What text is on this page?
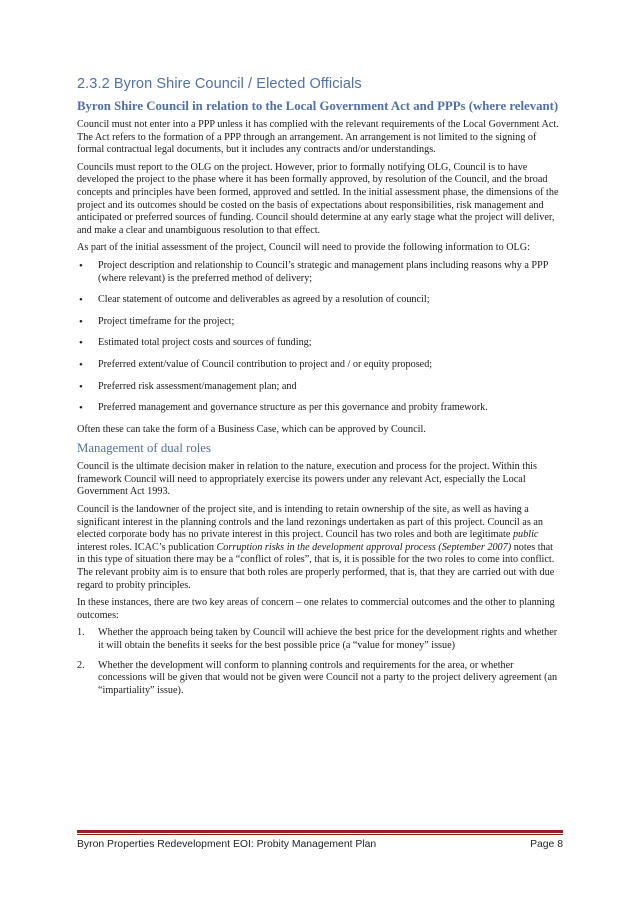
2.3.2 Byron Shire Council / Elected Officials
Byron Shire Council in relation to the Local Government Act and PPPs (where relevant)

Council must not enter into a PPP unless it has complied with the relevant requirements of the Local Government Act. The Act refers to the formation of a PPP through an arrangement. An arrangement is not limited to the signing of formal contractual legal documents, but it includes any contracts and/or understandings.

Councils must report to the OLG on the project. However, prior to formally notifying OLG, Council is to have developed the project to the phase where it has been formally approved, by resolution of the Council, and the broad concepts and principles have been formed, approved and settled. In the initial assessment phase, the dimensions of the project and its outcomes should be costed on the basis of expectations about responsibilities, risk management and anticipated or preferred sources of funding. Council should determine at any early stage what the project will deliver, and make a clear and unambiguous resolution to that effect.

As part of the initial assessment of the project, Council will need to provide the following information to OLG:

• Project description and relationship to Council’s strategic and management plans including reasons why a PPP (where relevant) is the preferred method of delivery;
• Clear statement of outcome and deliverables as agreed by a resolution of council;
• Project timeframe for the project;
• Estimated total project costs and sources of funding;
• Preferred extent/value of Council contribution to project and / or equity proposed;
• Preferred risk assessment/management plan; and
• Preferred management and governance structure as per this governance and probity framework.

Often these can take the form of a Business Case, which can be approved by Council.

Management of dual roles

Council is the ultimate decision maker in relation to the nature, execution and process for the project. Within this framework Council will need to appropriately exercise its powers under any relevant Act, especially the Local Government Act 1993.

Council is the landowner of the project site, and is intending to retain ownership of the site, as well as having a significant interest in the planning controls and the land rezonings undertaken as part of this project. Council as an elected corporate body has no private interest in this project. Council has two roles and both are legitimate public interest roles. ICAC’s publication Corruption risks in the development approval process (September 2007) notes that in this type of situation there may be a “conflict of roles”, that is, it is possible for the two roles to come into conflict. The relevant probity aim is to ensure that both roles are properly performed, that is, that they are carried out with due regard to probity principles.

In these instances, there are two key areas of concern – one relates to commercial outcomes and the other to planning outcomes:

1. Whether the approach being taken by Council will achieve the best price for the development rights and whether it will obtain the benefits it seeks for the best possible price (a “value for money” issue)
2. Whether the development will conform to planning controls and requirements for the area, or whether concessions will be given that would not be given were Council not a party to the project delivery agreement (an “impartiality” issue).
Byron Properties Redevelopment EOI: Probity Management Plan	Page 8
